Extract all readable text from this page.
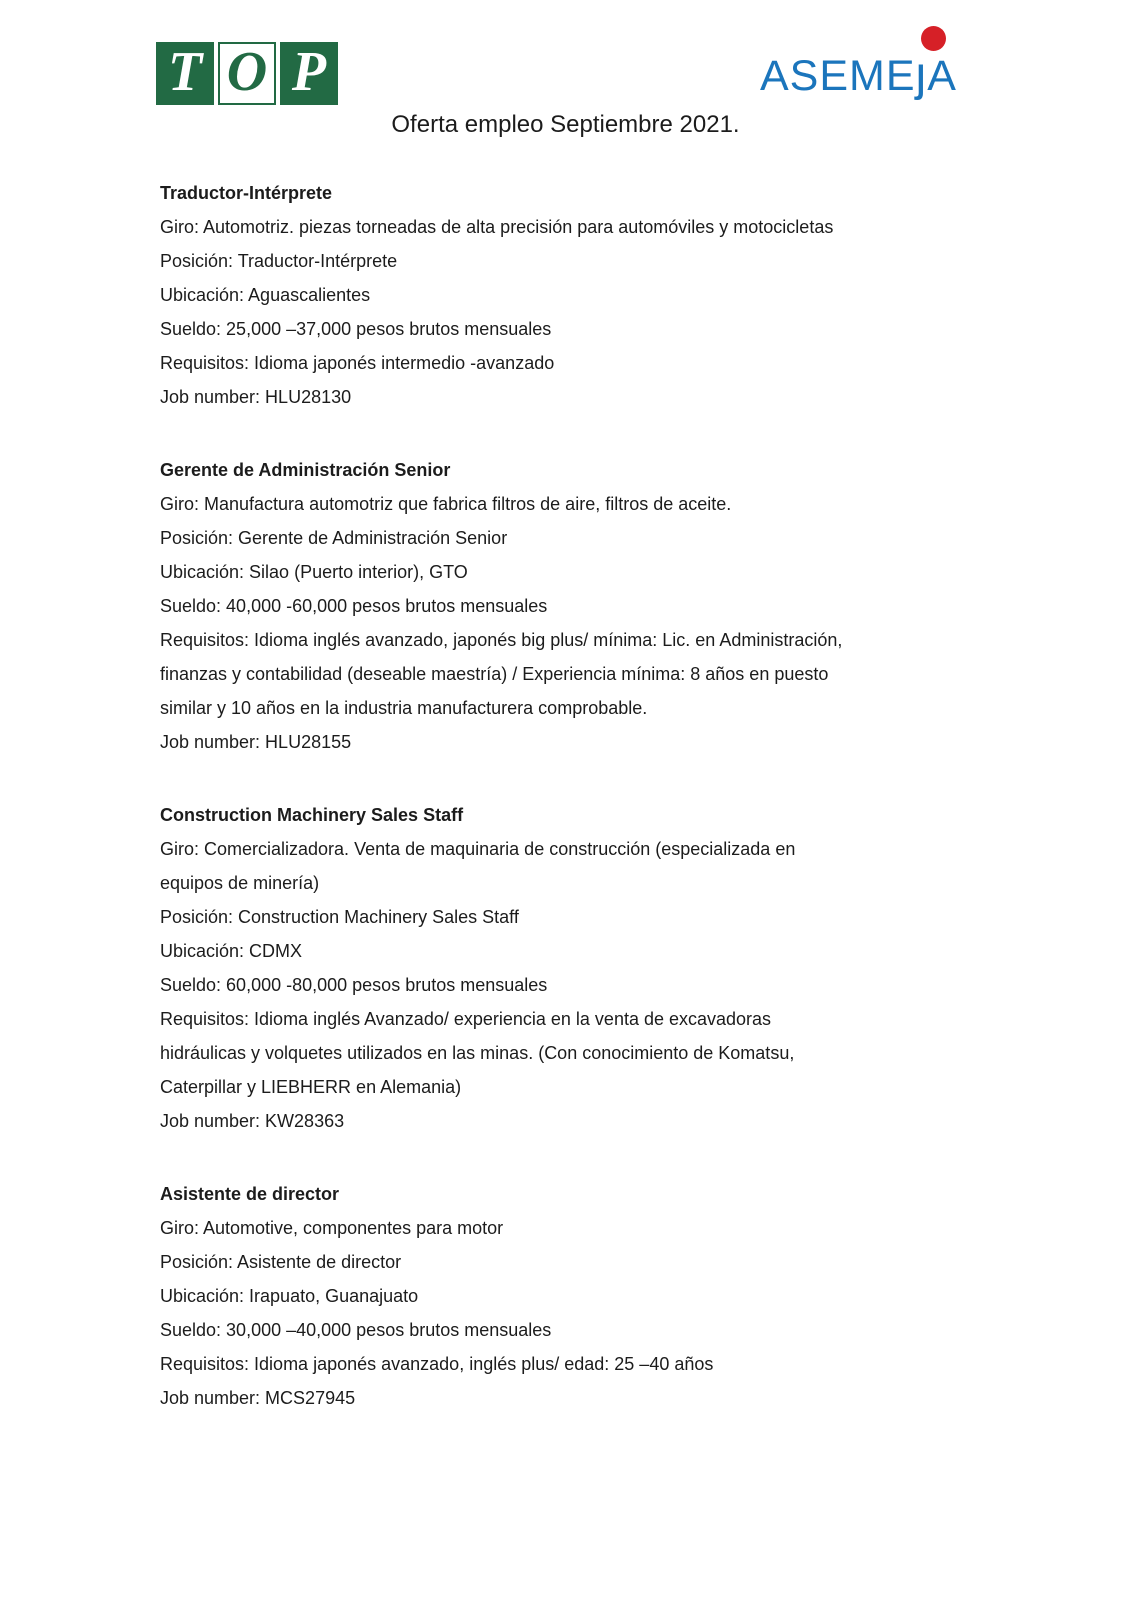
T O P	ASEME
ȷA
Oferta empleo Septiembre 2021.
Traductor-Intérprete

Giro: Automotriz. piezas torneadas de alta precisión para automóviles y motocicletas

Posición: Traductor-Intérprete

Ubicación: Aguascalientes

Sueldo: 25,000 –37,000 pesos brutos mensuales

Requisitos: Idioma japonés intermedio -avanzado

Job number: HLU28130

Gerente de Administración Senior

Giro: Manufactura automotriz que fabrica filtros de aire, filtros de aceite.

Posición: Gerente de Administración Senior

Ubicación: Silao (Puerto interior), GTO

Sueldo: 40,000 -60,000 pesos brutos mensuales

Requisitos: Idioma inglés avanzado, japonés big plus/ mínima: Lic. en Administración,

finanzas y contabilidad (deseable maestría) / Experiencia mínima: 8 años en puesto

similar y 10 años en la industria manufacturera comprobable.

Job number: HLU28155

Construction Machinery Sales Staff

Giro: Comercializadora. Venta de maquinaria de construcción (especializada en

equipos de minería)

Posición: Construction Machinery Sales Staff

Ubicación: CDMX

Sueldo: 60,000 -80,000 pesos brutos mensuales

Requisitos: Idioma inglés Avanzado/ experiencia en la venta de excavadoras

hidráulicas y volquetes utilizados en las minas. (Con conocimiento de Komatsu,

Caterpillar y LIEBHERR en Alemania)

Job number: KW28363

Asistente de director

Giro: Automotive, componentes para motor

Posición: Asistente de director

Ubicación: Irapuato, Guanajuato

Sueldo: 30,000 –40,000 pesos brutos mensuales

Requisitos: Idioma japonés avanzado, inglés plus/ edad: 25 –40 años

Job number: MCS27945
